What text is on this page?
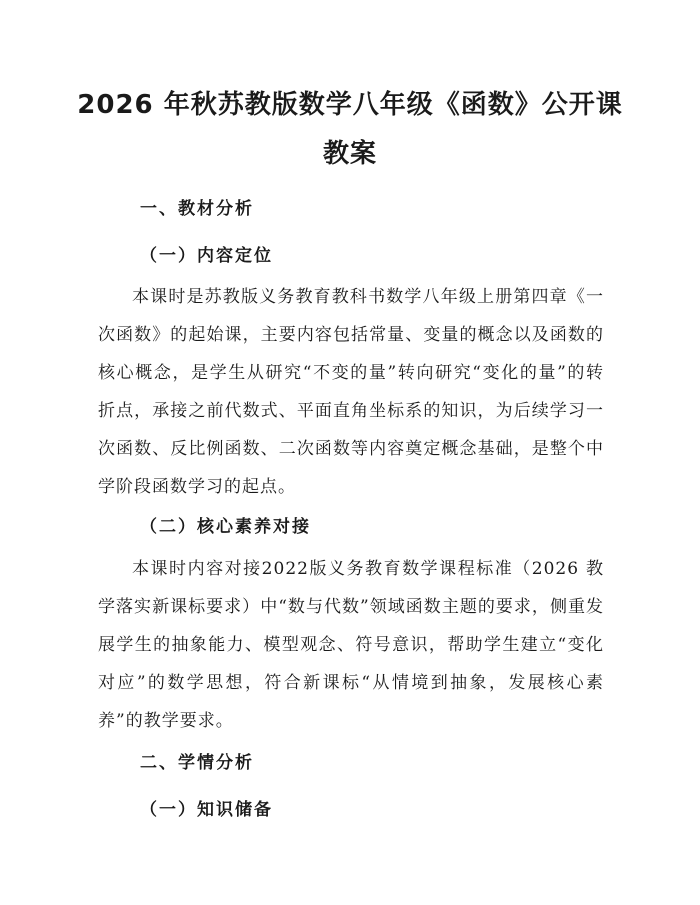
2026 年秋苏教版数学八年级《函数》公开课
教案
一、教材分析
（一）内容定位

本课时是苏教版义务教育教科书数学八年级上册第四章《一次函数》的起始课，主要内容包括常量、变量的概念以及函数的核心概念，是学生从研究“不变的量”转向研究“变化的量”的转折点，承接之前代数式、平面直角坐标系的知识，为后续学习一次函数、反比例函数、二次函数等内容奠定概念基础，是整个中学阶段函数学习的起点。

（二）核心素养对接

本课时内容对接2022版义务教育数学课程标准（2026 教学落实新课标要求）中“数与代数”领域函数主题的要求，侧重发展学生的抽象能力、模型观念、符号意识，帮助学生建立“变化对应”的数学思想，符合新课标“从情境到抽象，发展核心素养”的教学要求。

二、学情分析
（一）知识储备
